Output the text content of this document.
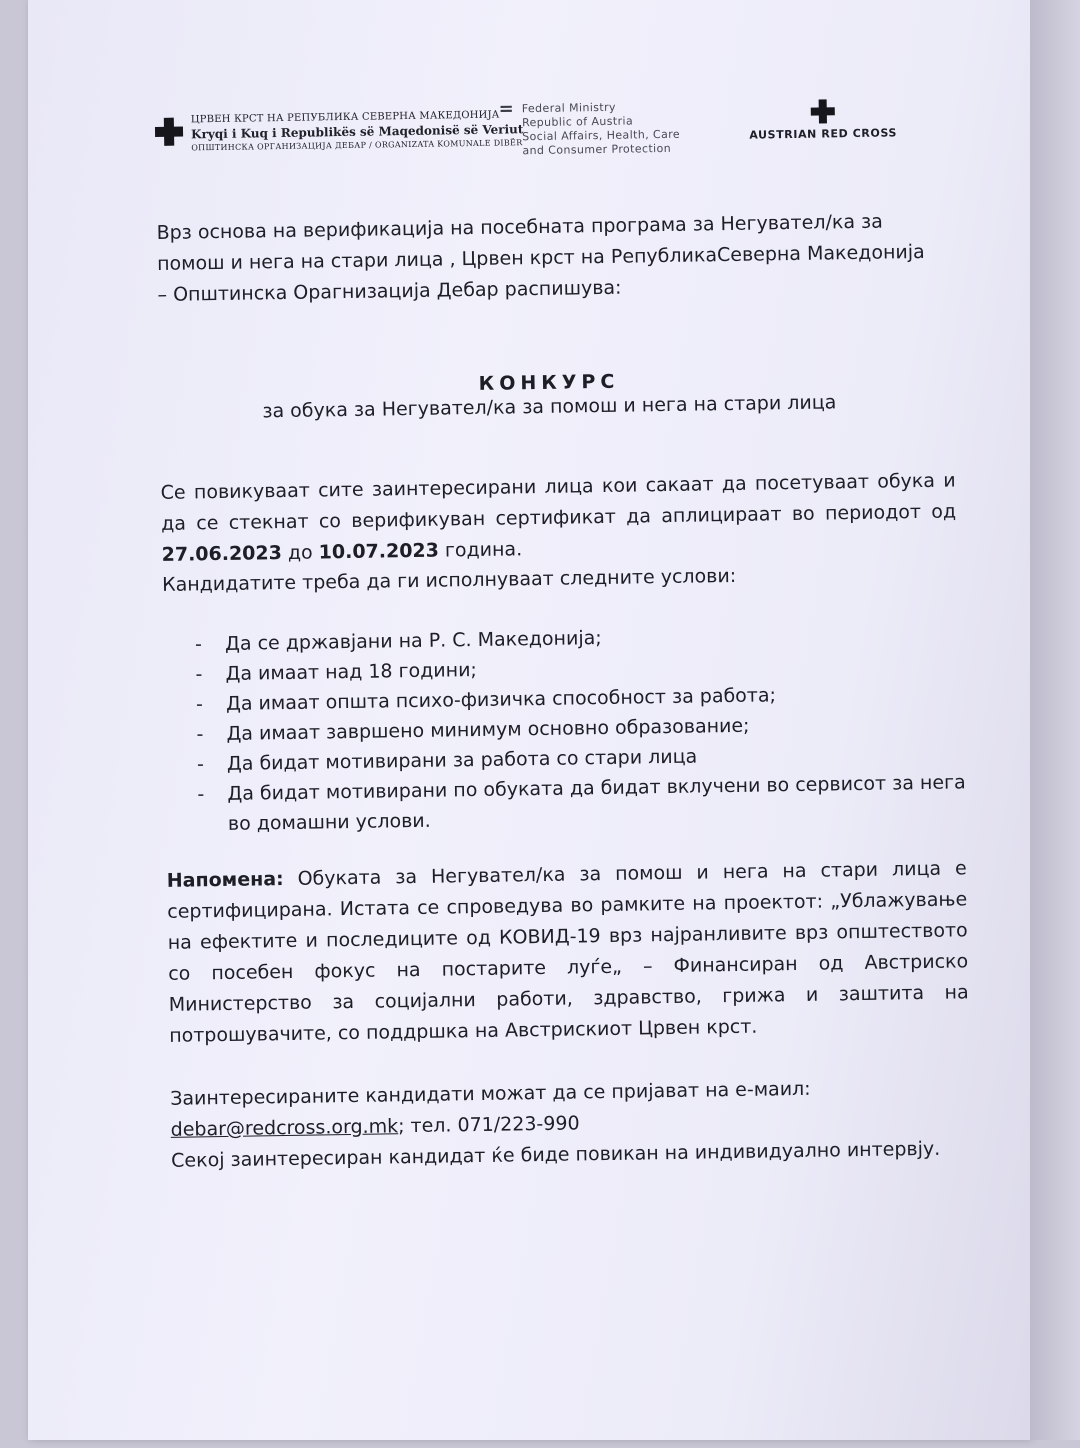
ЦРВЕН КРСТ НА РЕПУБЛИКА СЕВЕРНА МАКЕДОНИЈА
Kryqi i Kuq i Republikës së Maqedonisë së Veriut
ОПШТИНСКА ОРГАНИЗАЦИЈА ДЕБАР / ORGANIZATA KOMUNALE DIBËR
= Federal Ministry
Republic of Austria
Social Affairs, Health, Care
and Consumer Protection
AUSTRIAN RED CROSS
Врз основа на верификација на посебната програма за Негувател/ка за помош и нега на стари лица , Црвен крст на РепубликаСеверна Македонија – Општинска Орагнизација Дебар распишува:
КОНКУРС
за обука за Негувател/ка за помош и нега на стари лица
Се повикуваат сите заинтересирани лица кои сакаат да посетуваат обука и да се стекнат со верификуван сертификат да аплицираат во периодот од 27.06.2023 до 10.07.2023 година.
Кандидатите треба да ги исполнуваат следните услови:
- Да се државјани на Р. С. Македонија;
- Да имаат над 18 години;
- Да имаат општа психо-физичка способност за работа;
- Да имаат завршено минимум основно образование;
- Да бидат мотивирани за работа со стари лица
- Да бидат мотивирани по обуката да бидат вклучени во сервисот за нега во домашни услови.
Напомена: Обуката за Негувател/ка за помош и нега на стари лица е сертифицирана. Истата се спроведува во рамките на проектот: „Ублажување на ефектите и последиците од КОВИД-19 врз најранливите врз општеството со посебен фокус на постарите луѓе„ – Финансиран од Австриско Министерство за социјални работи, здравство, грижа и заштита на потрошувачите, со поддршка на Австрискиот Црвен крст.
Заинтересираните кандидати можат да се пријават на е-маил:
debar@redcross.org.mk; тел. 071/223-990
Секој заинтересиран кандидат ќе биде повикан на индивидуално интервју.
